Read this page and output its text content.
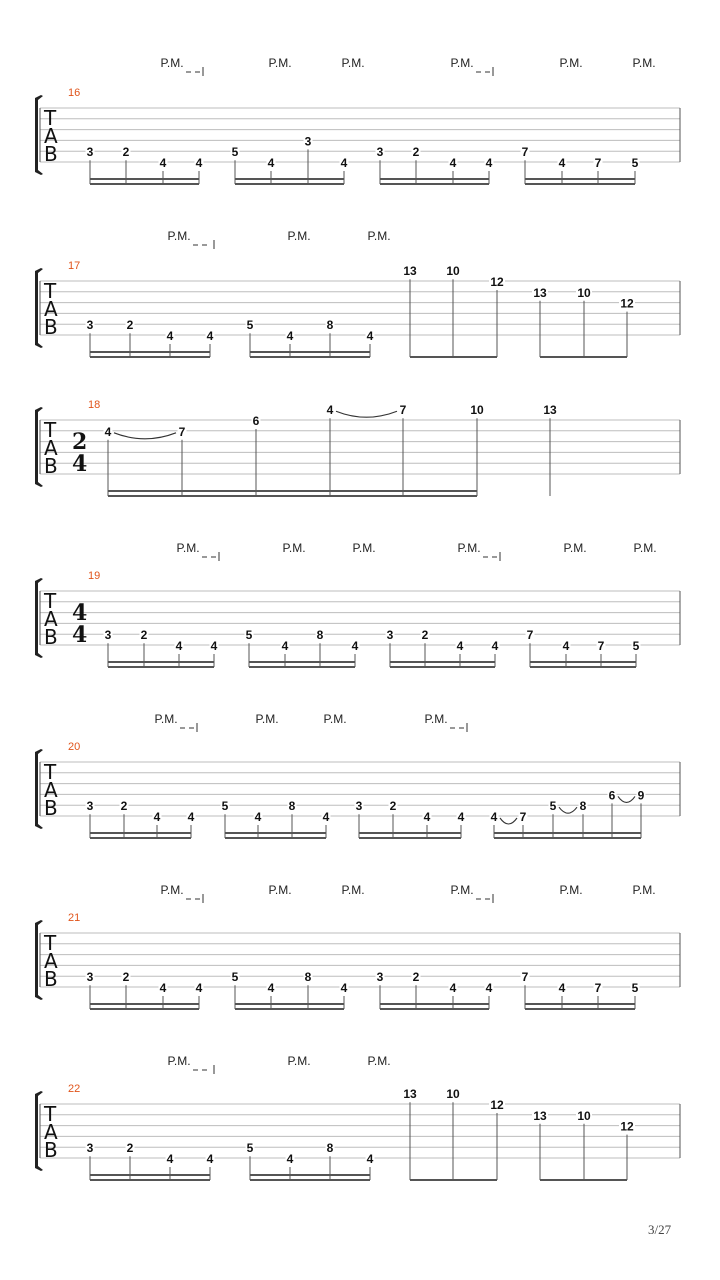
T
A
B
16
3 2
4 4
5
4
3
4
3 2
4 4
7
4 7	5
P.M.	P.M.	P.M.	P.M.	P.M.	P.M.
T
A
B
17
3	2
4	4
5
4
8
4
13 10
12
13	10
12
P.M.	P.M.	P.M.
T
A
B
18
2
4
4	7
6
4	7	10	13
T
A
B
19
4
4 3 2
4 4
5
4
8
4
3 2
4 4
7
4 7 5
P.M.	P.M.	P.M.	P.M.	P.M.	P.M.
T
A
B
20
3 2
4 4
5
4
8
4
3 2
4 4 4 7
5 8
6 9
P.M.	P.M.	P.M.	P.M.
T
A
B
21
3 2
4 4
5
4
8
4
3 2
4 4
7
4 7	5
P.M.	P.M.	P.M.	P.M.	P.M.	P.M.
T
A
B
22
3	2
4	4
5
4
8
4
13 10
12
13	10
12
P.M.	P.M.	P.M.
3/27
